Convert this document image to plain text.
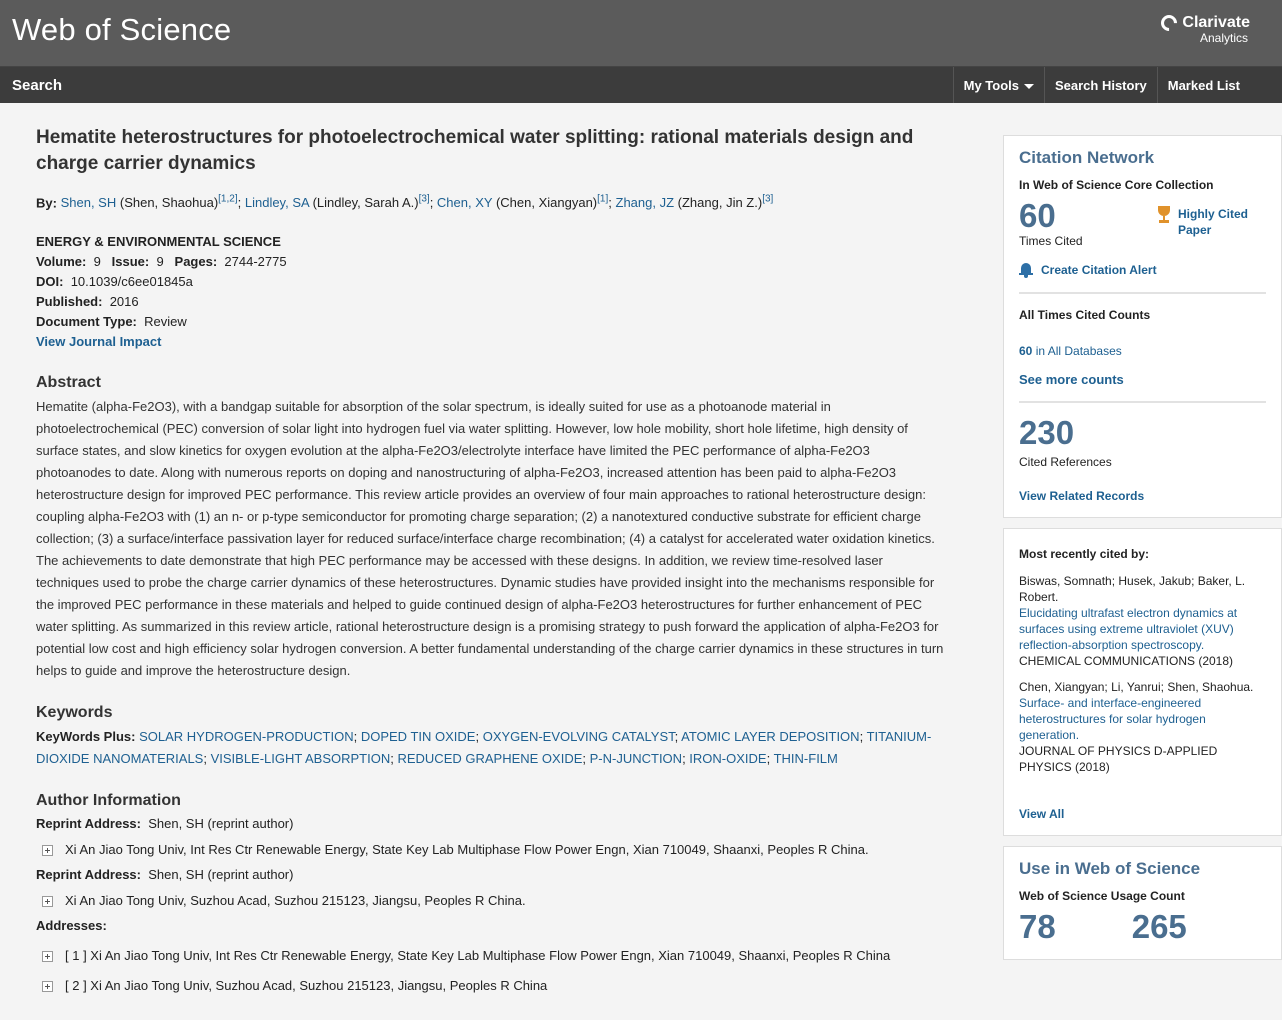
Web of Science	Clarivate
Analytics
Search	My Tools	Search History	Marked List
Hematite heterostructures for photoelectrochemical water splitting: rational materials design and charge carrier dynamics
By: Shen, SH (Shen, Shaohua)[1,2]; Lindley, SA (Lindley, Sarah A.)[3]; Chen, XY (Chen, Xiangyan)[1]; Zhang, JZ (Zhang, Jin Z.)[3]
ENERGY & ENVIRONMENTAL SCIENCE
Volume: 9 Issue: 9 Pages: 2744-2775
DOI: 10.1039/c6ee01845a
Published: 2016
Document Type: Review
View Journal Impact
Abstract
Hematite (alpha-Fe2O3), with a bandgap suitable for absorption of the solar spectrum, is ideally suited for use as a photoanode material in photoelectrochemical (PEC) conversion of solar light into hydrogen fuel via water splitting. However, low hole mobility, short hole lifetime, high density of surface states, and slow kinetics for oxygen evolution at the alpha-Fe2O3/electrolyte interface have limited the PEC performance of alpha-Fe2O3 photoanodes to date. Along with numerous reports on doping and nanostructuring of alpha-Fe2O3, increased attention has been paid to alpha-Fe2O3 heterostructure design for improved PEC performance. This review article provides an overview of four main approaches to rational heterostructure design: coupling alpha-Fe2O3 with (1) an n- or p-type semiconductor for promoting charge separation; (2) a nanotextured conductive substrate for efficient charge collection; (3) a surface/interface passivation layer for reduced surface/interface charge recombination; (4) a catalyst for accelerated water oxidation kinetics. The achievements to date demonstrate that high PEC performance may be accessed with these designs. In addition, we review time-resolved laser techniques used to probe the charge carrier dynamics of these heterostructures. Dynamic studies have provided insight into the mechanisms responsible for the improved PEC performance in these materials and helped to guide continued design of alpha-Fe2O3 heterostructures for further enhancement of PEC water splitting. As summarized in this review article, rational heterostructure design is a promising strategy to push forward the application of alpha-Fe2O3 for potential low cost and high efficiency solar hydrogen conversion. A better fundamental understanding of the charge carrier dynamics in these structures in turn helps to guide and improve the heterostructure design.
Keywords
KeyWords Plus: SOLAR HYDROGEN-PRODUCTION; DOPED TIN OXIDE; OXYGEN-EVOLVING CATALYST; ATOMIC LAYER DEPOSITION; TITANIUM-DIOXIDE NANOMATERIALS; VISIBLE-LIGHT ABSORPTION; REDUCED GRAPHENE OXIDE; P-N-JUNCTION; IRON-OXIDE; THIN-FILM
Author Information
Reprint Address: Shen, SH (reprint author)
Xi An Jiao Tong Univ, Int Res Ctr Renewable Energy, State Key Lab Multiphase Flow Power Engn, Xian 710049, Shaanxi, Peoples R China.
Reprint Address: Shen, SH (reprint author)
Xi An Jiao Tong Univ, Suzhou Acad, Suzhou 215123, Jiangsu, Peoples R China.
Addresses:
[ 1 ] Xi An Jiao Tong Univ, Int Res Ctr Renewable Energy, State Key Lab Multiphase Flow Power Engn, Xian 710049, Shaanxi, Peoples R China
[ 2 ] Xi An Jiao Tong Univ, Suzhou Acad, Suzhou 215123, Jiangsu, Peoples R China
Citation Network
In Web of Science Core Collection
60
Times Cited
Highly Cited Paper
Create Citation Alert
All Times Cited Counts
60 in All Databases
See more counts
230
Cited References
View Related Records
Most recently cited by:
Biswas, Somnath; Husek, Jakub; Baker, L. Robert.
Elucidating ultrafast electron dynamics at surfaces using extreme ultraviolet (XUV) reflection-absorption spectroscopy.
CHEMICAL COMMUNICATIONS (2018)
Chen, Xiangyan; Li, Yanrui; Shen, Shaohua.
Surface- and interface-engineered heterostructures for solar hydrogen generation.
JOURNAL OF PHYSICS D-APPLIED PHYSICS (2018)
View All
Use in Web of Science
Web of Science Usage Count
78 265
